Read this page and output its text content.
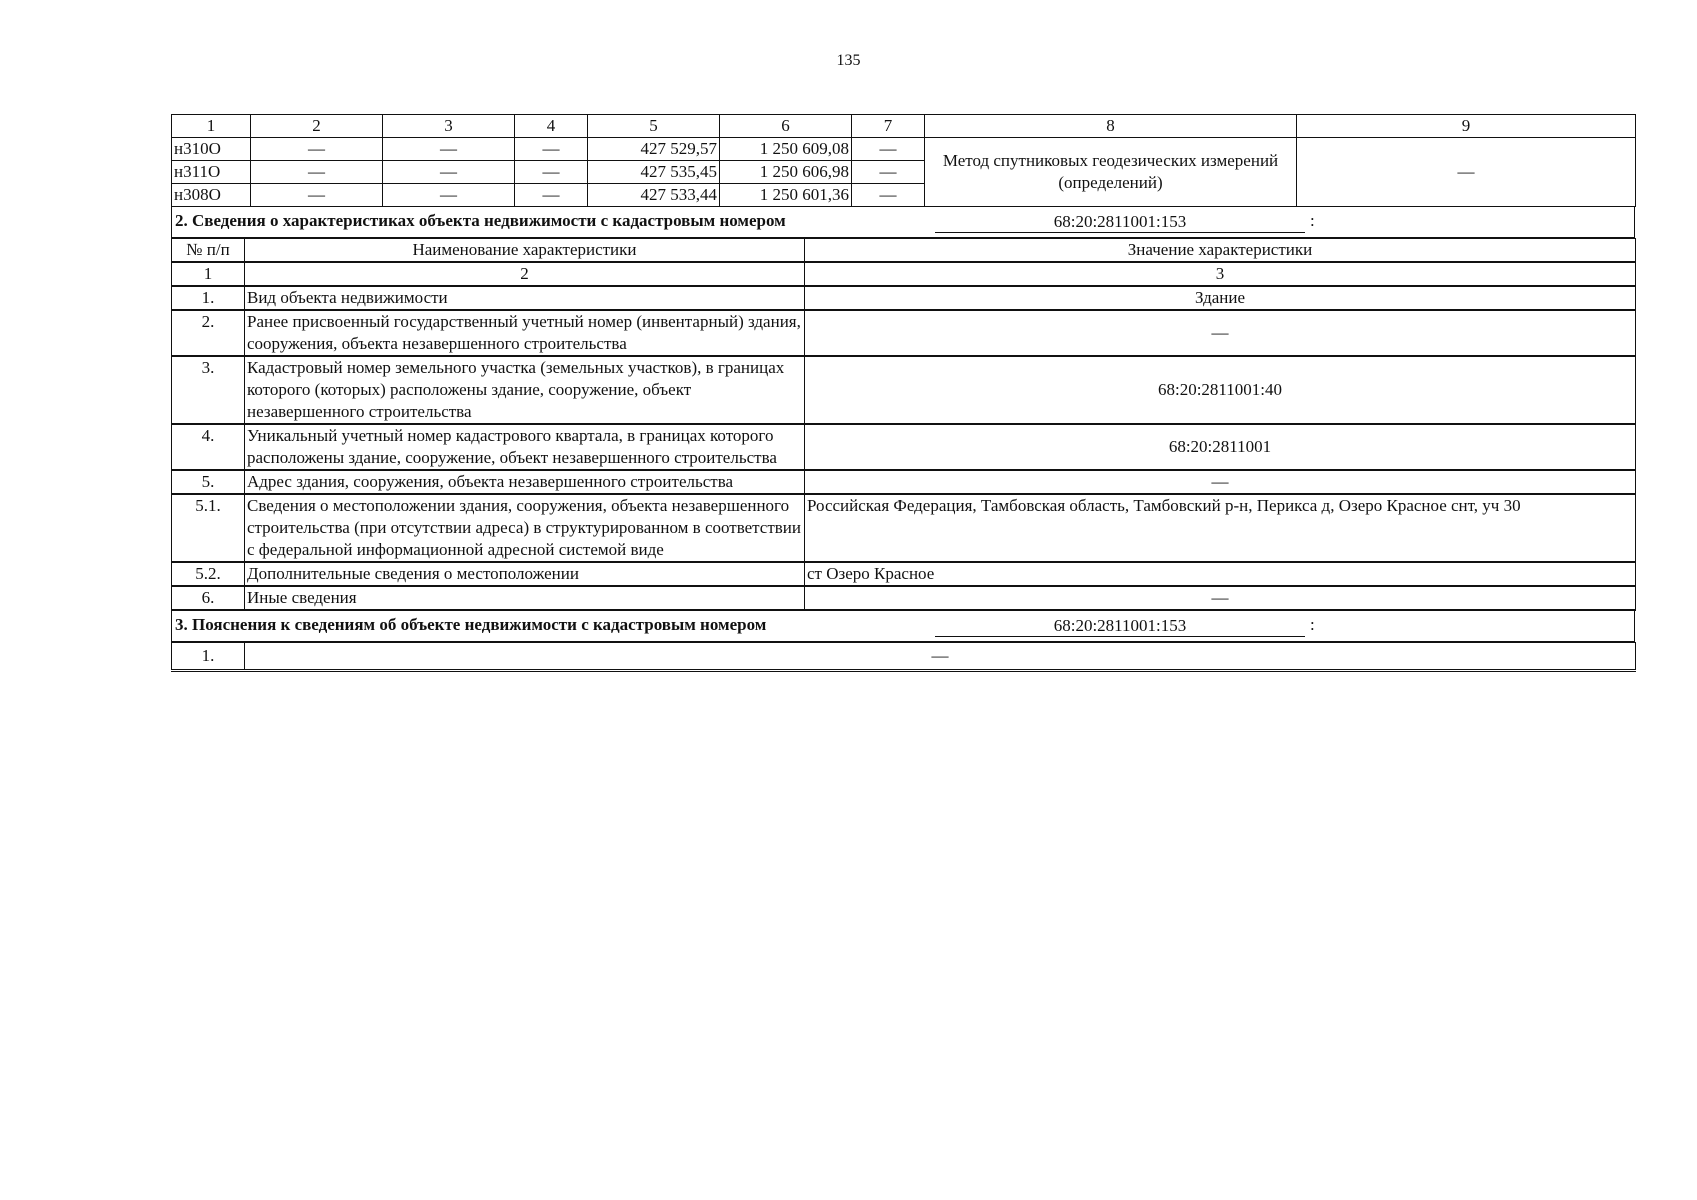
135
1	2	3	4	5	6	7	8	9
н310О	—	—	—	427 529,57	1 250 609,08	—	Метод спутниковых геодезических измерений (определений)	—
н311О	—	—	—	427 535,45	1 250 606,98	—		
н308О	—	—	—	427 533,44	1 250 601,36	—		
2. Сведения о характеристиках объекта недвижимости с кадастровым номером	68:20:2811001:153	:
№ п/п	Наименование характеристики	Значение характеристики
1	2	3
1.	Вид объекта недвижимости	Здание
2.	Ранее присвоенный государственный учетный номер (инвентарный) здания, сооружения, объекта незавершенного строительства	—
3.	Кадастровый номер земельного участка (земельных участков), в границах которого (которых) расположены здание, сооружение, объект незавершенного строительства	68:20:2811001:40
4.	Уникальный учетный номер кадастрового квартала, в границах которого расположены здание, сооружение, объект незавершенного строительства	68:20:2811001
5.	Адрес здания, сооружения, объекта незавершенного строительства	—
5.1.	Сведения о местоположении здания, сооружения, объекта незавершенного строительства (при отсутствии адреса) в структурированном в соответствии с федеральной информационной адресной системой виде	Российская Федерация, Тамбовская область, Тамбовский р-н, Перикса д, Озеро Красное снт, уч 30
5.2.	Дополнительные сведения о местоположении	ст Озеро Красное
6.	Иные сведения	—
3. Пояснения к сведениям об объекте недвижимости с кадастровым номером	68:20:2811001:153	:
1.	—
